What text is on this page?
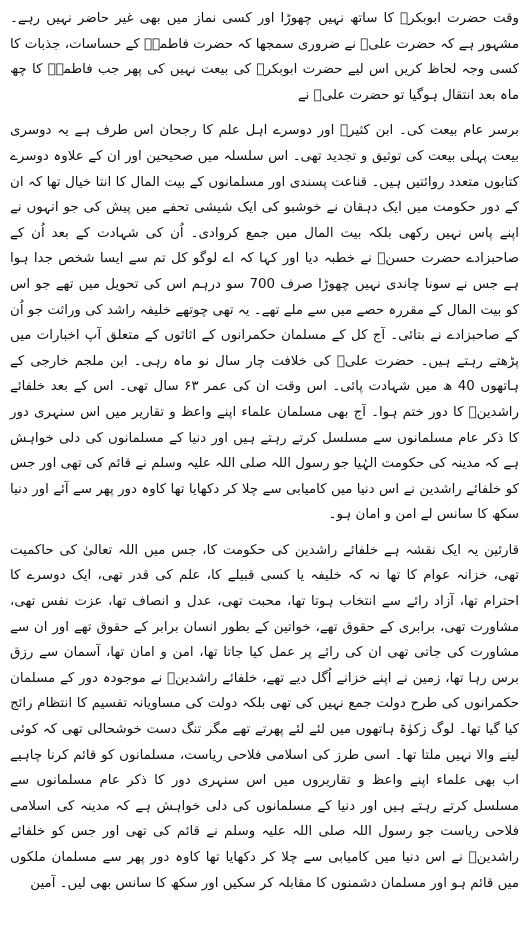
وقت حضرت ابوبکرؓ کا ساتھ نہیں چھوڑا اور کسی نماز میں بھی غیر حاضر نہیں رہے۔ مشہور ہے کہ حضرت علیؓ نے ضروری سمجھا کہ حضرت فاطمہؓ کے حساسات، جذبات کا کسی وجہ لحاظ کریں اس لیے حضرت ابوبکرؓ کی بیعت نہیں کی پھر جب فاطمہؓ کا چھ ماہ بعد انتقال ہوگیا تو حضرت علیؓ نے

برسر عام بیعت کی۔ ابن کثیرؒ اور دوسرے اہل علم کا رجحان اس طرف ہے یہ دوسری بیعت پہلی بیعت کی توثیق و تجدید تھی۔ اس سلسلہ میں صحیحین اور ان کے علاوہ دوسرے کتابوں متعدد روائتیں ہیں۔ قناعت پسندی اور مسلمانوں کے بیت المال کا انتا خیال تھا کہ ان کے دور حکومت میں ایک دہقان نے خوشبو کی ایک شیشی تحفے میں پیش کی جو انہوں نے اپنے پاس نہیں رکھی بلکہ بیت المال میں جمع کروادی۔ اُن کی شہادت کے بعد اُن کے صاحبزادے حضرت حسنؓ نے خطبہ دیا اور کہا کہ اے لوگو کل تم سے ایسا شخص جدا ہوا ہے جس نے سونا چاندی نہیں چھوڑا صرف 700 سو درہم اس کی تحویل میں تھے جو اس کو بیت المال کے مقررہ حصے میں سے ملے تھے۔ یہ تھی چوتھے خلیفہ راشد کی وراثت جو اُن کے صاحبزادے نے بتائی۔ آج کل کے مسلمان حکمرانوں کے اثاثوں کے متعلق آپ اخبارات میں پڑھتے رہتے ہیں۔ حضرت علیؓ کی خلافت چار سال نو ماہ رہی۔ ابن ملجم خارجی کے ہاتھوں 40 ھ میں شہادت پائی۔ اس وقت ان کی عمر ۶۳ سال تھی۔ اس کے بعد خلفائے راشدینؓ کا دور ختم ہوا۔ آج بھی مسلمان علماء اپنے واعظ و تقاریر میں اس سنہری دور کا ذکر عام مسلمانوں سے مسلسل کرتے رہتے ہیں اور دنیا کے مسلمانوں کی دلی خواہش ہے کہ مدینہ کی حکومت الہٰیا جو رسول اللہ صلی اللہ علیہ وسلم نے قائم کی تھی اور جس کو خلفائے راشدین نے اس دنیا میں کامیابی سے چلا کر دکھایا تھا کاوہ دور پھر سے آئے اور دنیا سکھ کا سانس لے امن و امان ہو۔

قارئین یہ ایک نقشہ ہے خلفائے راشدین کی حکومت کا، جس میں اللہ تعالیٰ کی حاکمیت تھی، خزانہ عوام کا تھا نہ کہ خلیفہ یا کسی قبیلے کا، علم کی قدر تھی، ایک دوسرے کا احترام تھا، آزاد رائے سے انتخاب ہوتا تھا، محبت تھی، عدل و انصاف تھا، عزت نفس تھی، مشاورت تھی، برابری کے حقوق تھے، خواتین کے بطور انسان برابر کے حقوق تھے اور ان سے مشاورت کی جاتی تھی ان کی رائے پر عمل کیا جاتا تھا، امن و امان تھا، آسمان سے رزق برس رہا تھا، زمین نے اپنے خزانے اُگل دیے تھے، خلفائے راشدینؓ نے موجودہ دور کے مسلمان حکمرانوں کی طرح دولت جمع نہیں کی تھی بلکہ دولت کی مساویانہ تقسیم کا انتظام رائج کیا گیا تھا۔ لوگ زکوٰۃ ہاتھوں میں لئے لئے پھرتے تھے مگر تنگ دست خوشحالی تھی کہ کوئی لینے والا نہیں ملتا تھا۔ اسی طرز کی اسلامی فلاحی ریاست، مسلمانوں کو قائم کرنا چاہیے اب بھی علماء اپنے واعظ و تقاریروں میں اس سنہری دور کا ذکر عام مسلمانوں سے مسلسل کرتے رہتے ہیں اور دنیا کے مسلمانوں کی دلی خواہش ہے کہ مدینہ کی اسلامی فلاحی ریاست جو رسول اللہ صلی اللہ علیہ وسلم نے قائم کی تھی اور جس کو خلفائے راشدینؓ نے اس دنیا میں کامیابی سے چلا کر دکھایا تھا کاوہ دور پھر سے مسلمان ملکوں میں قائم ہو اور مسلمان دشمنوں کا مقابلہ کر سکیں اور سکھ کا سانس بھی لیں۔ آمین
